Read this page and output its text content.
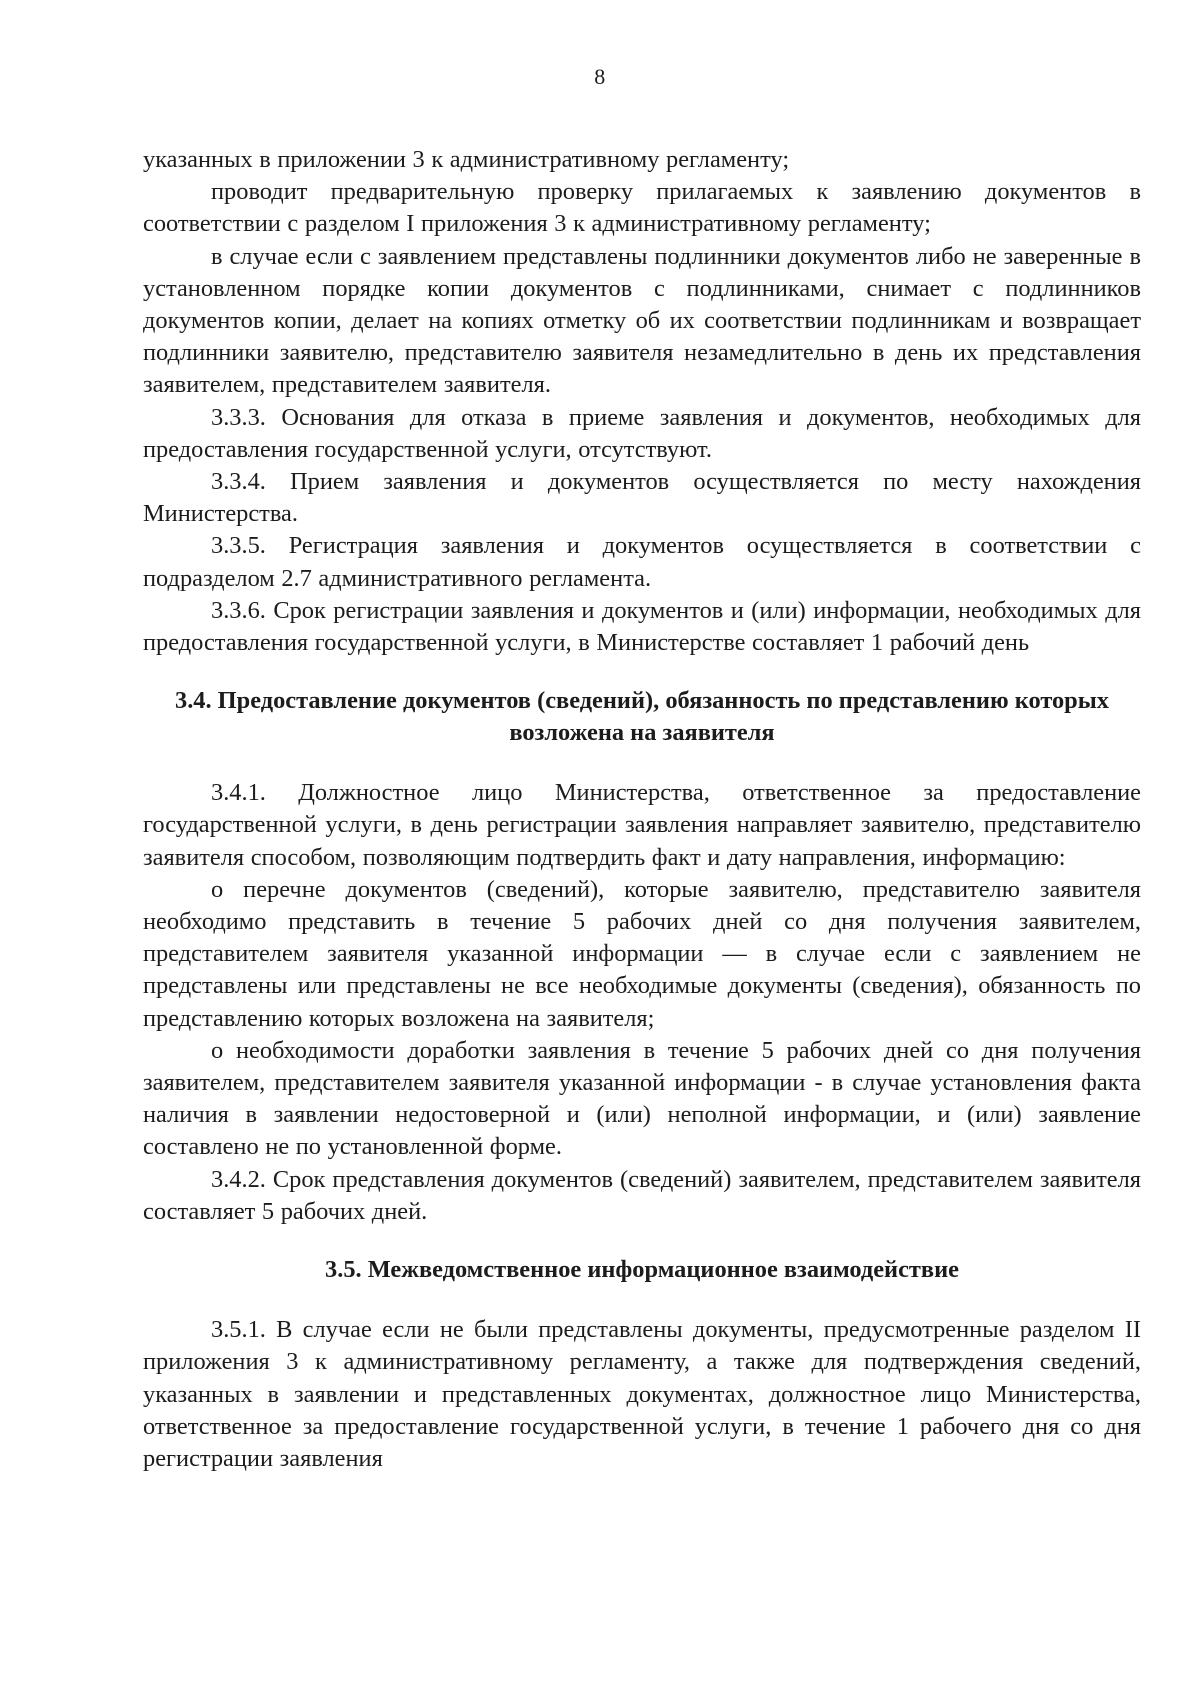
8

указанных в приложении 3 к административному регламенту;

проводит предварительную проверку прилагаемых к заявлению документов в соответствии с разделом I приложения 3 к административному регламенту;

в случае если с заявлением представлены подлинники документов либо не заверенные в установленном порядке копии документов с подлинниками, снимает с подлинников документов копии, делает на копиях отметку об их соответствии подлинникам и возвращает подлинники заявителю, представителю заявителя незамедлительно в день их представления заявителем, представителем заявителя.

3.3.3. Основания для отказа в приеме заявления и документов, необходимых для предоставления государственной услуги, отсутствуют.

3.3.4. Прием заявления и документов осуществляется по месту нахождения Министерства.

3.3.5. Регистрация заявления и документов осуществляется в соответствии с подразделом 2.7 административного регламента.

3.3.6. Срок регистрации заявления и документов и (или) информации, необходимых для предоставления государственной услуги, в Министерстве составляет 1 рабочий день

3.4. Предоставление документов (сведений), обязанность по представлению которых возложена на заявителя

3.4.1. Должностное лицо Министерства, ответственное за предоставление государственной услуги, в день регистрации заявления направляет заявителю, представителю заявителя способом, позволяющим подтвердить факт и дату направления, информацию:

о перечне документов (сведений), которые заявителю, представителю заявителя необходимо представить в течение 5 рабочих дней со дня получения заявителем, представителем заявителя указанной информации — в случае если с заявлением не представлены или представлены не все необходимые документы (сведения), обязанность по представлению которых возложена на заявителя;

о необходимости доработки заявления в течение 5 рабочих дней со дня получения заявителем, представителем заявителя указанной информации - в случае установления факта наличия в заявлении недостоверной и (или) неполной информации, и (или) заявление составлено не по установленной форме.

3.4.2. Срок представления документов (сведений) заявителем, представителем заявителя составляет 5 рабочих дней.

3.5. Межведомственное информационное взаимодействие

3.5.1. В случае если не были представлены документы, предусмотренные разделом II приложения 3 к административному регламенту, а также для подтверждения сведений, указанных в заявлении и представленных документах, должностное лицо Министерства, ответственное за предоставление государственной услуги, в течение 1 рабочего дня со дня регистрации заявления
